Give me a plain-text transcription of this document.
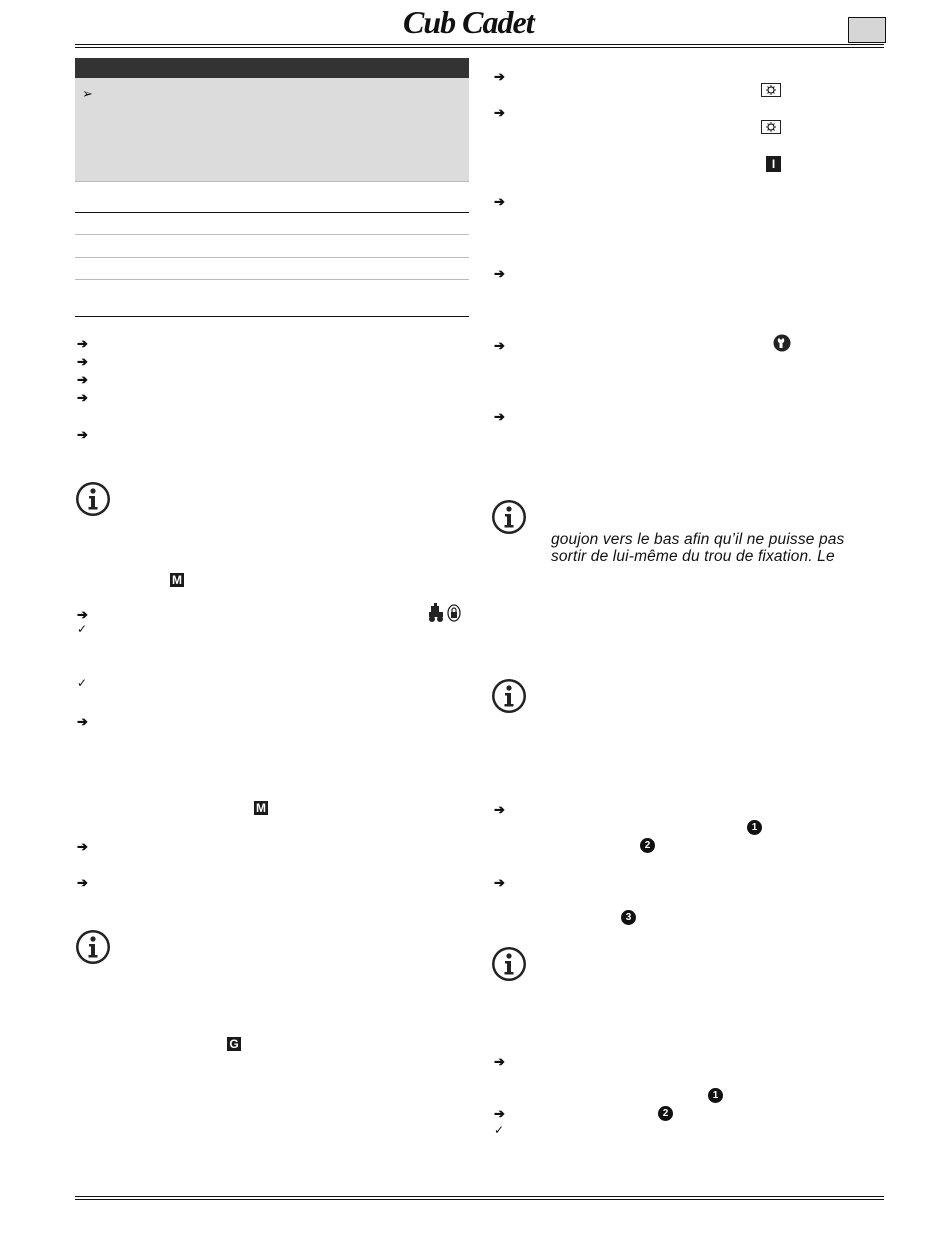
Cub Cadet.
➢
➔
➔
➔
➔
➔
M
➔
✓
✓
➔
M
➔
➔
G
➔
➔
I
➔
➔
➔
➔
goujon vers le bas afin qu’il ne puisse pas
sortir de lui-même du trou de fixation. Le
➔
1
2
➔
3
➔
1
➔	2
✓
